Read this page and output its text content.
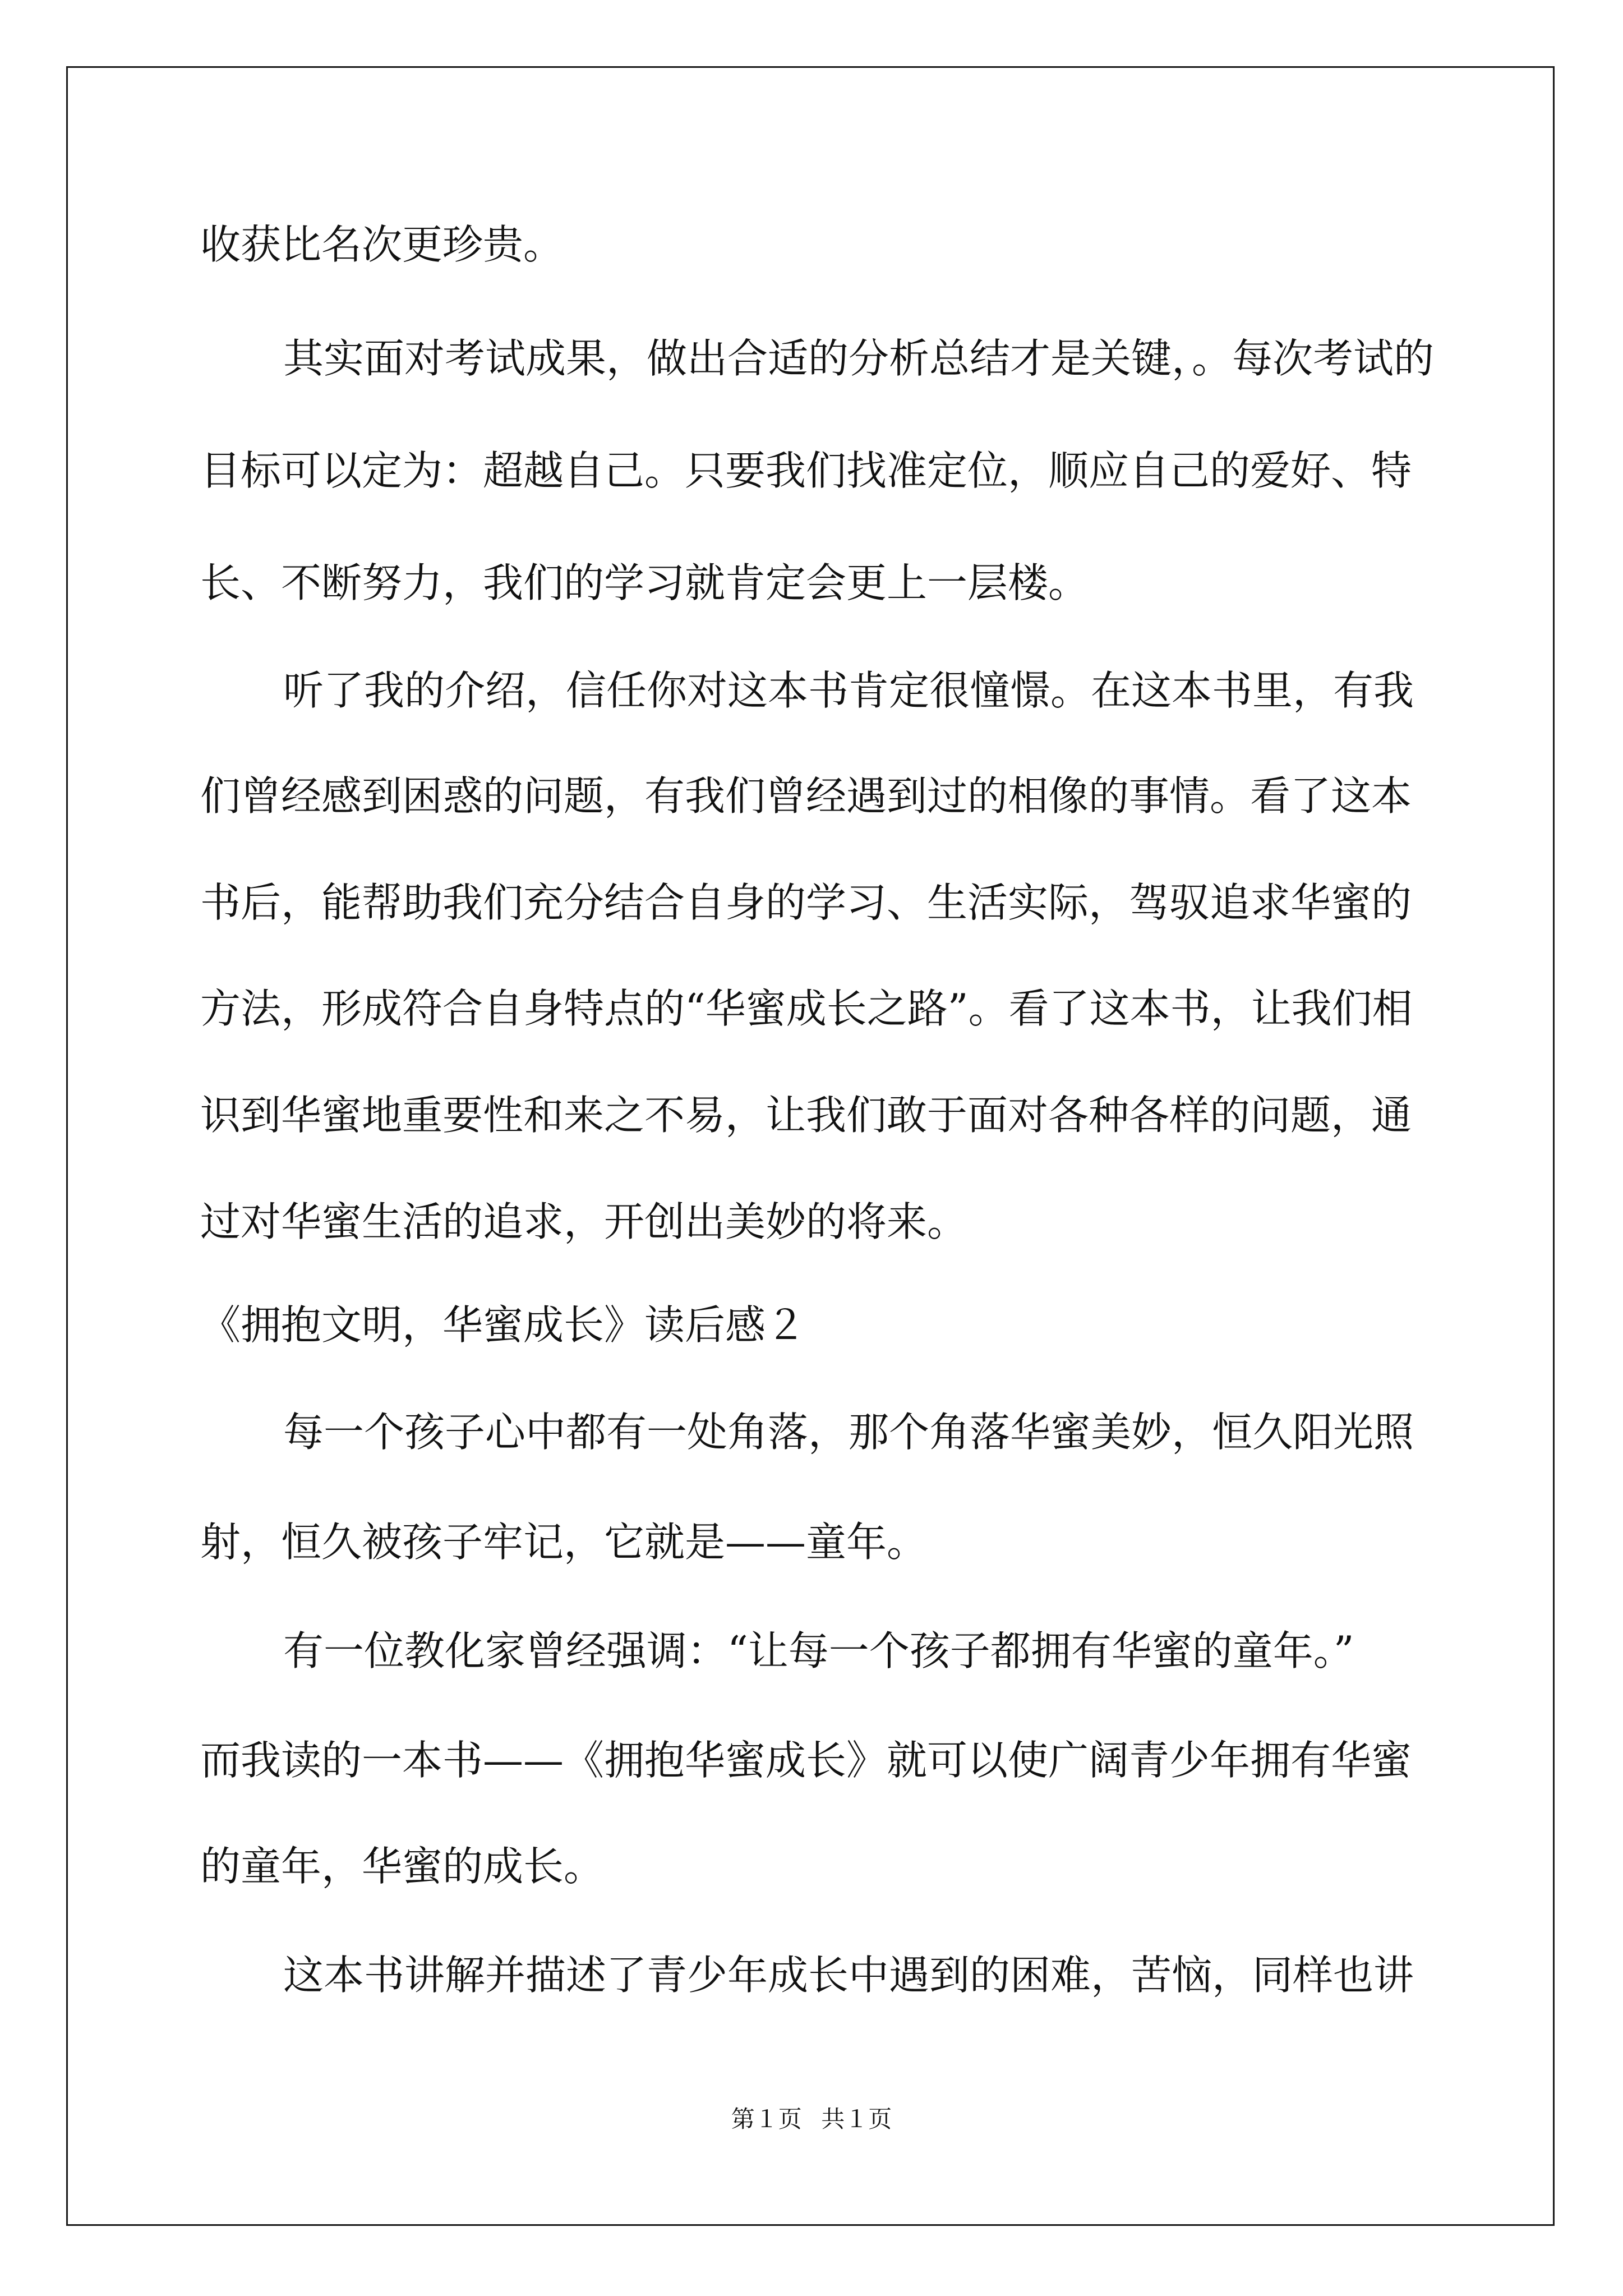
收获比名次更珍贵。
其实面对考试成果，做出合适的分析总结才是关键，。每次考试的
目标可以定为：超越自己。只要我们找准定位，顺应自己的爱好、特
长、不断努力，我们的学习就肯定会更上一层楼。
听了我的介绍，信任你对这本书肯定很憧憬。在这本书里，有我
们曾经感到困惑的问题，有我们曾经遇到过的相像的事情。看了这本
书后，能帮助我们充分结合自身的学习、生活实际，驾驭追求华蜜的
方法，形成符合自身特点的“华蜜成长之路”。看了这本书，让我们相
识到华蜜地重要性和来之不易，让我们敢于面对各种各样的问题，通
过对华蜜生活的追求，开创出美妙的将来。
《拥抱文明，华蜜成长》读后感２
每一个孩子心中都有一处角落，那个角落华蜜美妙，恒久阳光照
射，恒久被孩子牢记，它就是——童年。
有一位教化家曾经强调：“让每一个孩子都拥有华蜜的童年。”
而我读的一本书——《拥抱华蜜成长》就可以使广阔青少年拥有华蜜
的童年，华蜜的成长。
这本书讲解并描述了青少年成长中遇到的困难，苦恼，同样也讲
第１页 共１页
